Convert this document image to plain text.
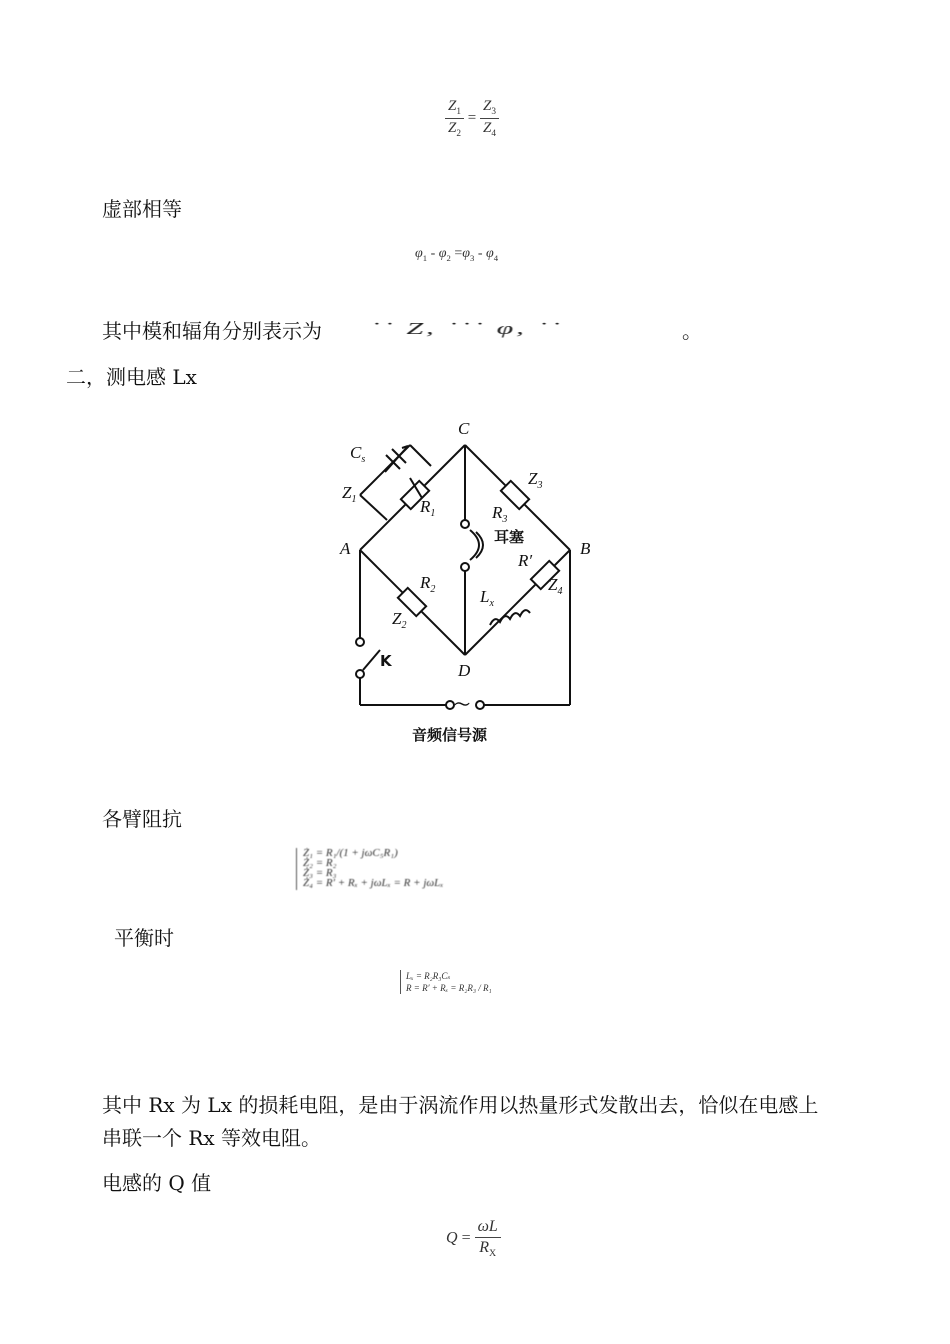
$\frac{Z_1}{Z_2} = \frac{Z_3}{Z_4}$
虚部相等
$\varphi_1 - \varphi_2 =\varphi_3 - \varphi_4$
其中模和辐角分别表示为 ˙˙ Z, ˙˙˙ φ, ˙˙	。
二，测电感 Lx
A	B
C
D
$C_s$
$Z_1$	$R_1$	$R_3$
$Z_3$
R′
$Z_4$
$R_2$
$Z_2$
$L_x$
耳塞
K
～
音频信号源
各臂阻抗
Ż₁ = R₁/(1 + jωC₅R₁)
Ż₂ = R₂
Ż₃ = R₃
Ż₄ = R′ + Rₓ + jωLₓ = R + jωLₓ
平衡时
Lₓ = R₂R₃Cₛ
R = R′ + Rₓ = R₂R₃ / R₁
其中 Rx 为 Lx 的损耗电阻，是由于涡流作用以热量形式发散出去，恰似在电感上
串联一个 Rx 等效电阻。
电感的 Q 值
$Q = \frac{\omega L}{R_X}$
